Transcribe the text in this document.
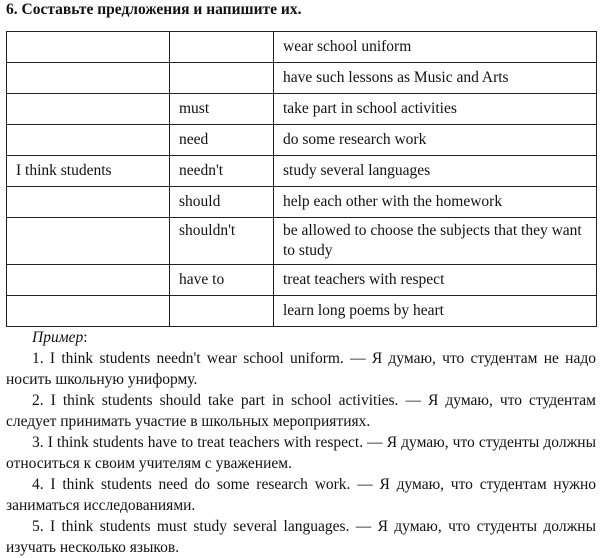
6. Составьте предложения и напишите их.
		wear school uniform
		have such lessons as Music and Arts
	must	take part in school activities
	need	do some research work
I think students	needn't	study several languages
	should	help each other with the homework
	shouldn't	be allowed to choose the subjects that they want to study
	have to	treat teachers with respect
		learn long poems by heart
Пример:
1. I think students needn't wear school uniform. — Я думаю, что студентам не надо носить школьную униформу.
2. I think students should take part in school activities. — Я думаю, что студентам следует принимать участие в школьных мероприятиях.
3. I think students have to treat teachers with respect. — Я думаю, что студенты должны относиться к своим учителям с уважением.
4. I think students need do some research work. — Я думаю, что студентам нужно заниматься исследованиями.
5. I think students must study several languages. — Я думаю, что студенты должны изучать несколько языков.
